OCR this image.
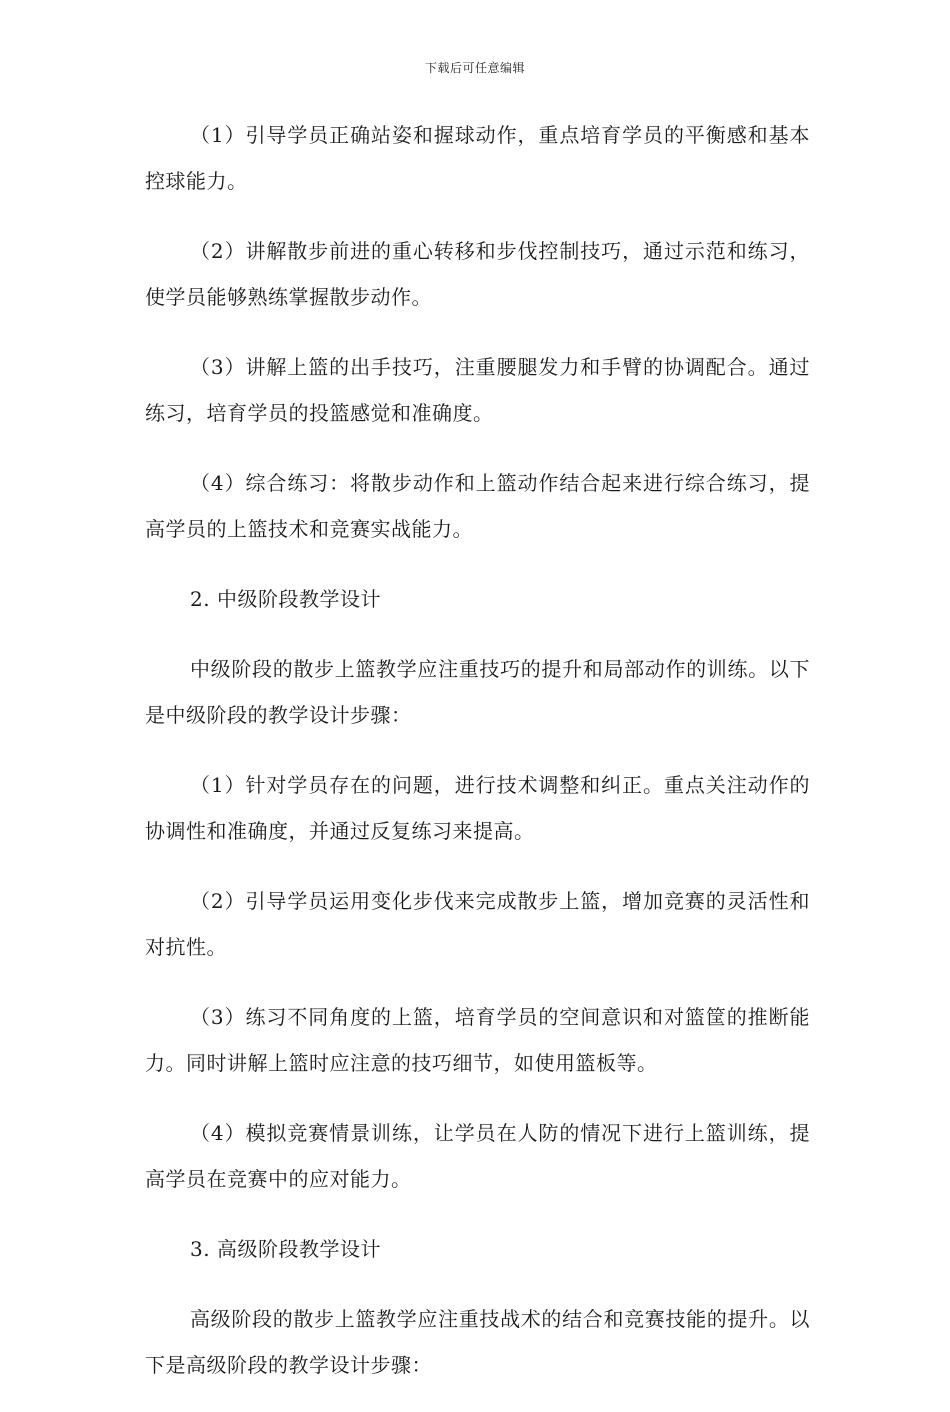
下载后可任意编辑

（1）引导学员正确站姿和握球动作，重点培育学员的平衡感和基本控球能力。

（2）讲解散步前进的重心转移和步伐控制技巧，通过示范和练习，使学员能够熟练掌握散步动作。

（3）讲解上篮的出手技巧，注重腰腿发力和手臂的协调配合。通过练习，培育学员的投篮感觉和准确度。

（4）综合练习：将散步动作和上篮动作结合起来进行综合练习，提高学员的上篮技术和竞赛实战能力。

2. 中级阶段教学设计

中级阶段的散步上篮教学应注重技巧的提升和局部动作的训练。以下是中级阶段的教学设计步骤：

（1）针对学员存在的问题，进行技术调整和纠正。重点关注动作的协调性和准确度，并通过反复练习来提高。

（2）引导学员运用变化步伐来完成散步上篮，增加竞赛的灵活性和对抗性。

（3）练习不同角度的上篮，培育学员的空间意识和对篮筐的推断能力。同时讲解上篮时应注意的技巧细节，如使用篮板等。

（4）模拟竞赛情景训练，让学员在人防的情况下进行上篮训练，提高学员在竞赛中的应对能力。

3. 高级阶段教学设计

高级阶段的散步上篮教学应注重技战术的结合和竞赛技能的提升。以下是高级阶段的教学设计步骤：
